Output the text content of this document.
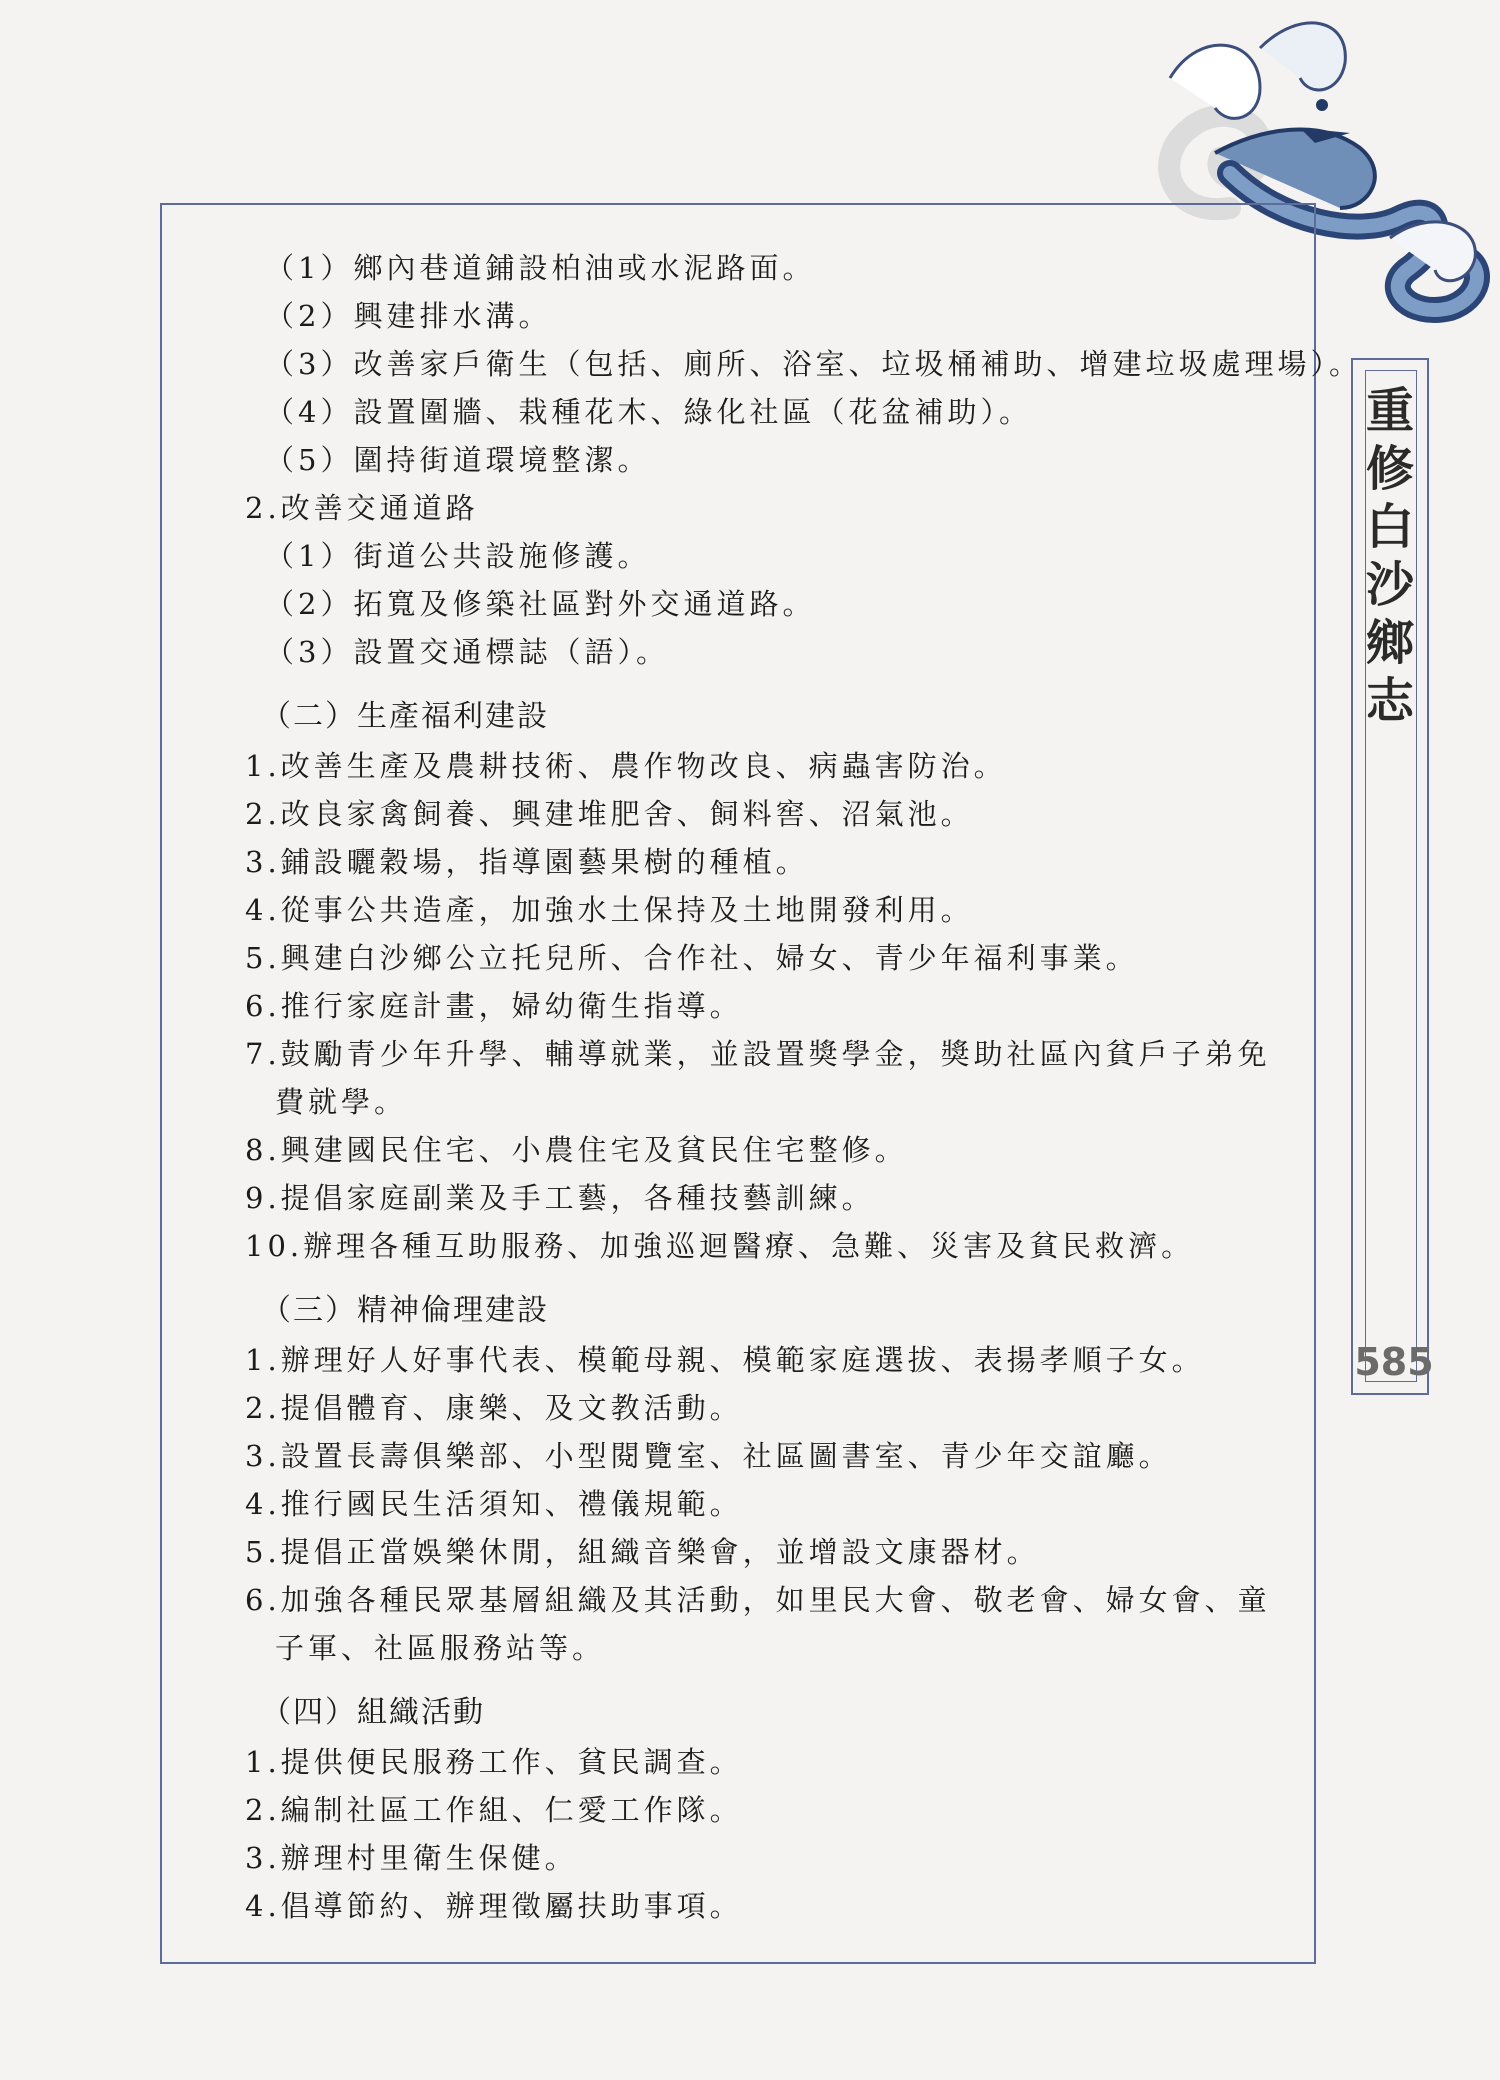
（1）鄉內巷道鋪設柏油或水泥路面。
（2）興建排水溝。
（3）改善家戶衛生（包括、廁所、浴室、垃圾桶補助、增建垃圾處理場）。
（4）設置圍牆、栽種花木、綠化社區（花盆補助）。
（5）圍持街道環境整潔。
2.改善交通道路
（1）街道公共設施修護。
（2）拓寬及修築社區對外交通道路。
（3）設置交通標誌（語）。
（二）生產福利建設
1.改善生產及農耕技術、農作物改良、病蟲害防治。
2.改良家禽飼養、興建堆肥舍、飼料窖、沼氣池。
3.鋪設曬穀場，指導園藝果樹的種植。
4.從事公共造產，加強水土保持及土地開發利用。
5.興建白沙鄉公立托兒所、合作社、婦女、青少年福利事業。
6.推行家庭計畫，婦幼衛生指導。
7.鼓勵青少年升學、輔導就業，並設置獎學金，獎助社區內貧戶子弟免
費就學。
8.興建國民住宅、小農住宅及貧民住宅整修。
9.提倡家庭副業及手工藝，各種技藝訓練。
10.辦理各種互助服務、加強巡迴醫療、急難、災害及貧民救濟。
（三）精神倫理建設
1.辦理好人好事代表、模範母親、模範家庭選拔、表揚孝順子女。
2.提倡體育、康樂、及文教活動。
3.設置長壽俱樂部、小型閱覽室、社區圖書室、青少年交誼廳。
4.推行國民生活須知、禮儀規範。
5.提倡正當娛樂休閒，組織音樂會，並增設文康器材。
6.加強各種民眾基層組織及其活動，如里民大會、敬老會、婦女會、童
子軍、社區服務站等。
（四）組織活動
1.提供便民服務工作、貧民調查。
2.編制社區工作組、仁愛工作隊。
3.辦理村里衛生保健。
4.倡導節約、辦理徵屬扶助事項。
重修白沙鄉志
585
